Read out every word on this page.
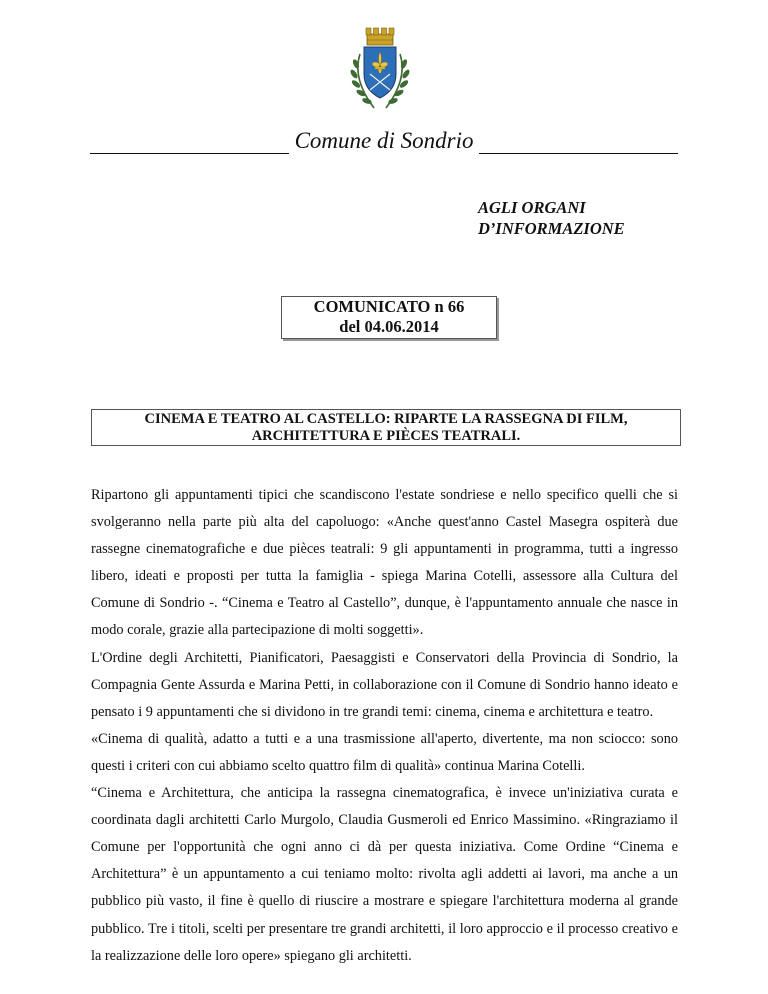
Comune di Sondrio
AGLI ORGANI
D’INFORMAZIONE
COMUNICATO n 66
del 04.06.2014
CINEMA E TEATRO AL CASTELLO: RIPARTE LA RASSEGNA DI FILM,
ARCHITETTURA E PIÈCES TEATRALI.

Ripartono gli appuntamenti tipici che scandiscono l'estate sondriese e nello specifico quelli che si svolgeranno nella parte più alta del capoluogo: «Anche quest'anno Castel Masegra ospiterà due rassegne cinematografiche e due pièces teatrali: 9 gli appuntamenti in programma, tutti a ingresso libero, ideati e proposti per tutta la famiglia - spiega Marina Cotelli, assessore alla Cultura del Comune di Sondrio -. “Cinema e Teatro al Castello”, dunque, è l'appuntamento annuale che nasce in modo corale, grazie alla partecipazione di molti soggetti».

L'Ordine degli Architetti, Pianificatori, Paesaggisti e Conservatori della Provincia di Sondrio, la Compagnia Gente Assurda e Marina Petti, in collaborazione con il Comune di Sondrio hanno ideato e pensato i 9 appuntamenti che si dividono in tre grandi temi: cinema, cinema e architettura e teatro.

«Cinema di qualità, adatto a tutti e a una trasmissione all'aperto, divertente, ma non sciocco: sono questi i criteri con cui abbiamo scelto quattro film di qualità» continua Marina Cotelli.

“Cinema e Architettura, che anticipa la rassegna cinematografica, è invece un'iniziativa curata e coordinata dagli architetti Carlo Murgolo, Claudia Gusmeroli ed Enrico Massimino. «Ringraziamo il Comune per l'opportunità che ogni anno ci dà per questa iniziativa. Come Ordine “Cinema e Architettura” è un appuntamento a cui teniamo molto: rivolta agli addetti ai lavori, ma anche a un pubblico più vasto, il fine è quello di riuscire a mostrare e spiegare l'architettura moderna al grande pubblico. Tre i titoli, scelti per presentare tre grandi architetti, il loro approccio e il processo creativo e la realizzazione delle loro opere» spiegano gli architetti.
